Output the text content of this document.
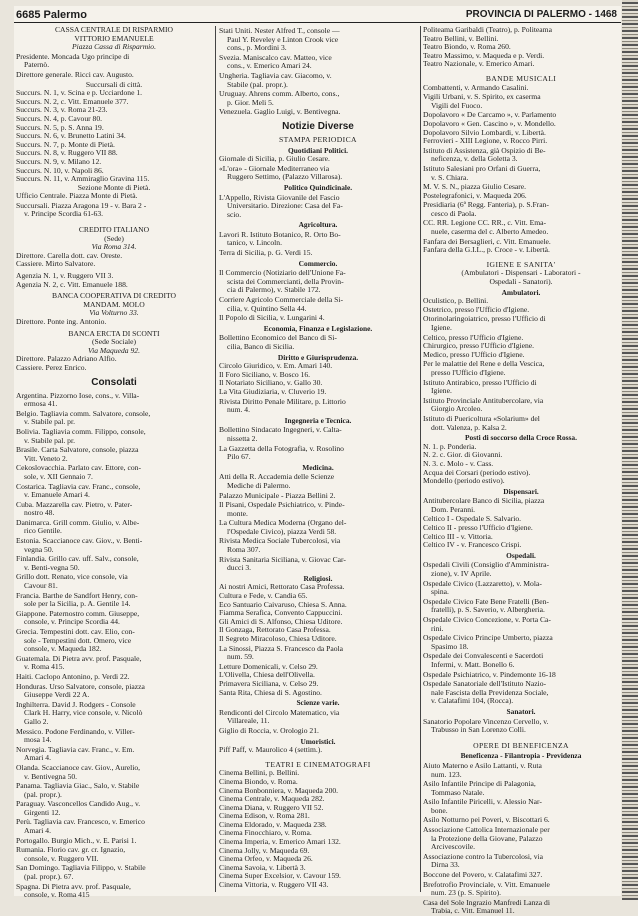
6685 Palermo	PROVINCIA DI PALERMO - 1468
CASSA CENTRALE DI RISPARMIO
VITTORIO EMANUELE
Piazza Cassa di Risparmio.
Presidente. Moncada Ugo principe di
Paternò.
Direttore generale. Ricci cav. Augusto.
Succursali di città.
Succurs. N. 1, v. Scina e p. Ucciardone 1.
Succurs. N. 2, c. Vitt. Emanuele 377.
Succurs. N. 3, v. Roma 21-23.
Succurs. N. 4, p. Cavour 80.
Succurs. N. 5, p. S. Anna 19.
Succurs. N. 6, v. Brunetto Latini 34.
Succurs. N. 7, p. Monte di Pietà.
Succurs. N. 8, v. Ruggero VII 88.
Succurs. N. 9, v. Milano 12.
Succurs. N. 10, v. Napoli 86.
Succurs. N. 11, v. Ammiraglio Gravina 115.
Sezione Monte di Pietà.
Ufficio Centrale. Piazza Monte di Pietà.
Succursali. Piazza Aragona 19 - v. Bara 2 -
v. Principe Scordia 61-63.
CREDITO ITALIANO
(Sede)
Via Roma 314.
Direttore. Carella dott. cav. Oreste.
Cassiere. Mirto Salvatore.
Agenzia N. 1, v. Ruggero VII 3.
Agenzia N. 2, c. Vitt. Emanuele 188.
BANCA COOPERATIVA DI CREDITO
MANDAM. MOLO
Via Volturno 33.
Direttore. Ponte ing. Antonio.
BANCA ERCTA DI SCONTI
(Sede Sociale)
Via Maqueda 92.
Direttore. Palazzo Adriano Alfio.
Cassiere. Perez Enrico.
Consolati
Argentina. Pizzorno Iose, cons., v. Villa-
ermosa 41.
Belgio. Tagliavia comm. Salvatore, console,
v. Stabile pal. pr.
Bolivia. Tagliavia comm. Filippo, console,
v. Stabile pal. pr.
Brasile. Carta Salvatore, console, piazza
Vitt. Veneto 2.
Cekoslovacchia. Parlato cav. Ettore, con-
sole, v. XII Gennaio 7.
Costarica. Tagliavia cav. Franc., console,
v. Emanuele Amari 4.
Cuba. Mazzarella cav. Pietro, v. Pater-
nostro 48.
Danimarca. Grill comm. Giulio, v. Albe-
rico Gentile.
Estonia. Scaccianoce cav. Giov., v. Benti-
vegna 50.
Finlandia. Grillo cav. uff. Salv., console,
v. Benti-vegna 50.
Grillo dott. Renato, vice console, via
Cavour 81.
Francia. Barthe de Sandfort Henry, con-
sole per la Sicilia, p. A. Gentile 14.
Giappone. Paternostro comm. Giuseppe,
console, v. Principe Scordia 44.
Grecia. Tempestini dott. cav. Elio, con-
sole - Tempestini dott. Omero, vice
console, v. Maqueda 182.
Guatemala. Di Pietra avv. prof. Pasquale,
v. Roma 415.
Haiti. Caclopo Antonino, p. Verdi 22.
Honduras. Urso Salvatore, console, piazza
Giuseppe Verdi 22 A.
Inghilterra. David J. Rodgers - Console
Clark H. Harry, vice console, v. Nicolò
Gallo 2.
Messico. Podone Ferdinando, v. Viller-
mosa 14.
Norvegia. Tagliavia cav. Franc., v. Em.
Amari 4.
Olanda. Scaccianoce cav. Giov., Aurelio,
v. Bentivegna 50.
Panama. Tagliavia Giac., Salo, v. Stabile
(pal. propr.).
Paraguay. Vasconcellos Candido Aug., v.
Girgenti 12.
Perù. Tagliavia cav. Francesco, v. Emerico
Amari 4.
Portogallo. Burgio Mich., v. E. Parisi 1.
Rumania. Florio cav. gr. cr. Ignazio,
console, v. Ruggero VII.
San Domingo. Tagliavia Filippo, v. Stabile
(pal. propr.). 67.
Spagna. Di Pietra avv. prof. Pasquale,
console, v. Roma 415
Stati Uniti. Nester Alfred T., console —
Paul Y. Reveley e Linton Crook vice
cons., p. Mordini 3.
Svezia. Maniscalco cav. Matteo, vice
cons., v. Emerico Amari 24.
Ungheria. Tagliavia cav. Giacomo, v.
Stabile (pal. propr.).
Uruguay. Ahrens comm. Alberto, cons.,
p. Gior. Meli 5.
Venezuela. Gaglio Luigi, v. Bentivegna.
Notizie Diverse
STAMPA PERIODICA
Quotidiani Politici.
Giornale di Sicilia, p. Giulio Cesare.
«L'ora» - Giornale Mediterraneo via
Ruggero Settimo, (Palazzo Villarosa).
Politico Quindicinale.
L'Appello, Rivista Giovanile del Fascio
Universitario. Direzione: Casa del Fa-
scio.
Agricoltura.
Lavori R. Istituto Botanico, R. Orto Bo-
tanico, v. Lincoln.
Terra di Sicilia, p. G. Verdi 15.
Commercio.
Il Commercio (Notiziario dell'Unione Fa-
scista dei Commercianti, della Provin-
cia di Palermo), v. Stabile 172.
Corriere Agricolo Commerciale della Si-
cilia, v. Quintino Sella 44.
Il Popolo di Sicilia, v. Lungarini 4.
Economia, Finanza e Legislazione.
Bollettino Economico del Banco di Si-
cilia, Banco di Sicilia.
Diritto e Giurisprudenza.
Circolo Giuridico, v. Em. Amari 140.
Il Foro Siciliano, v. Bosco 16.
Il Notariato Siciliano, v. Gallo 30.
La Vita Giudiziaria, v. Cluverio 19.
Rivista Diritto Penale Militare, p. Littorio
num. 4.
Ingegneria e Tecnica.
Bollettino Sindacato Ingegneri, v. Calta-
nissetta 2.
La Gazzetta della Fotografia, v. Rosolino
Pilo 67.
Medicina.
Atti della R. Accademia delle Scienze
Mediche di Palermo.
Palazzo Municipale - Piazza Bellini 2.
Il Pisani, Ospedale Psichiatrico, v. Pinde-
monte.
La Cultura Medica Moderna (Organo del-
l'Ospedale Civico), piazza Verdi 58.
Rivista Medica Sociale Tubercolosi, via
Roma 307.
Rivista Sanitaria Siciliana, v. Giovac Car-
ducci 3.
Religiosi.
Ai nostri Amici, Rettorato Casa Professa.
Cultura e Fede, v. Candia 65.
Eco Santuario Caivaruso, Chiesa S. Anna.
Fiamma Serafica, Convento Cappuccini.
Gli Amici di S. Alfonso, Chiesa Uditore.
Il Gonzaga, Rettorato Casa Professa.
Il Segreto Miracoloso, Chiesa Uditore.
La Sinossi, Piazza S. Francesco da Paola
num. 59.
Letture Domenicali, v. Celso 29.
L'Olivella, Chiesa dell'Olivella.
Primavera Siciliana, v. Celso 29.
Santa Rita, Chiesa di S. Agostino.
Scienze varie.
Rendiconti del Circolo Matematico, via
Villareale, 11.
Giglio di Roccia, v. Orologio 21.
Umoristici.
Piff Paff, v. Maurolico 4 (settim.).
TEATRI E CINEMATOGRAFI
Cinema Bellini, p. Bellini.
Cinema Biondo, v. Roma.
Cinema Bonbonniera, v. Maqueda 200.
Cinema Centrale, v. Maqueda 282.
Cinema Diana, v. Ruggero VII 52.
Cinema Edison, v. Roma 281.
Cinema Eldorado, v. Maqueda 238.
Cinema Finocchiaro, v. Roma.
Cinema Imperia, v. Emerico Amari 132.
Cinema Jolly, v. Maqueda 69.
Cinema Orfeo, v. Maqueda 26.
Cinema Savoia, v. Libertà 3.
Cinema Super Excelsior, v. Cavour 159.
Cinema Vittoria, v. Ruggero VII 43.
Politeama Garibaldi (Teatro), p. Politeama
Teatro Bellini, v. Bellini.
Teatro Biondo, v. Roma 260.
Teatro Massimo, v. Maqueda e p. Verdi.
Teatro Nazionale, v. Emerico Amari.
BANDE MUSICALI
Combattenti, v. Armando Casalini.
Vigili Urbani, v. S. Spirito, ex caserma
Vigili del Fuoco.
Dopolavoro « De Carcamo », v. Parlamento
Dopolavoro « Gen. Cascino », v. Mondello.
Dopolavoro Silvio Lombardi, v. Libertà.
Ferrovieri - XIII Legione, v. Rocco Pirri.
Istituto di Assistenza, già Ospizio di Be-
neficenza, v. della Goletta 3.
Istituto Salesiani pro Orfani di Guerra,
v. S. Chiara.
M. V. S. N., piazza Giulio Cesare.
Postelegrafonici, v. Maqueda 206.
Presidiaria (6ª Regg. Fanteria), p. S.Fran-
cesco di Paola.
CC. RR. Legione CC. RR., c. Vitt. Ema-
nuele, caserma del c. Alberto Amedeo.
Fanfara dei Bersaglieri, c. Vitt. Emanuele.
Fanfara della G.I.L., p. Croce - v. Libertà.
IGIENE E SANITA'
(Ambulatori - Dispensari - Laboratori -
Ospedali - Sanatori).
Ambulatori.
Oculistico, p. Bellini.
Ostetrico, presso l'Ufficio d'Igiene.
Otorinolaringoiatrico, presso l'Ufficio di
Igiene.
Celtico, presso l'Ufficio d'Igiene.
Chirurgico, presso l'Ufficio d'Igiene.
Medico, presso l'Ufficio d'Igiene.
Per le malattie del Rene e della Vescica,
presso l'Ufficio d'Igiene.
Istituto Antirabico, presso l'Ufficio di
Igiene.
Istituto Provinciale Antitubercolare, via
Giorgio Arcoleo.
Istituto di Puericoltura «Solarium» del
dott. Valenza, p. Kalsa 2.
Posti di soccorso della Croce Rossa.
N. 1. p. Ponderia.
N. 2. c. Gior. di Giovanni.
N. 3. c. Molo - v. Cass.
Acqua dei Corsari (periodo estivo).
Mondello (periodo estivo).
Dispensari.
Antitubercolare Banco di Sicilia, piazza
Dom. Peranni.
Celtico I - Ospedale S. Salvario.
Celtico II - presso l'Ufficio d'Igiene.
Celtico III - v. Vittoria.
Celtico IV - v. Francesco Crispi.
Ospedali.
Ospedali Civili (Consiglio d'Amministra-
zione), v. IV Aprile.
Ospedale Civico (Lazzaretto), v. Mola-
spina.
Ospedale Civico Fate Bene Fratelli (Ben-
fratelli), p. S. Saverio, v. Albergheria.
Ospedale Civico Concezione, v. Porta Ca-
rini.
Ospedale Civico Principe Umberto, piazza
Spasimo 18.
Ospedale dei Convalescenti e Sacerdoti
Infermi, v. Matt. Bonello 6.
Ospedale Psichiatrico, v. Pindemonte 16-18
Ospedale Sanatoriale dell'Istituto Nazio-
nale Fascista della Previdenza Sociale,
v. Calatafimi 104, (Rocca).
Sanatori.
Sanatorio Popolare Vincenzo Cervello, v.
Trabusso in San Lorenzo Colli.
OPERE DI BENEFICENZA
Beneficenza - Filantropia - Previdenza
Aiuto Materno e Asilo Lattanti, v. Ruta
num. 123.
Asilo Infantile Principe di Palagonia,
Tommaso Natale.
Asilo Infantile Piricelli, v. Alessio Nar-
bone.
Asilo Notturno pei Poveri, v. Biscottari 6.
Associazione Cattolica Internazionale per
la Protezione della Giovane, Palazzo
Arcivescovile.
Associazione contro la Tubercolosi, via
Dirna 33.
Boccone del Povero, v. Calatafimi 327.
Brefotrofio Provinciale, v. Vitt. Emanuele
num. 23 (p. S. Spirito).
Casa del Sole Ingrazio Manfredi Lanza di
Trabia, c. Vitt. Emanuel 11.
